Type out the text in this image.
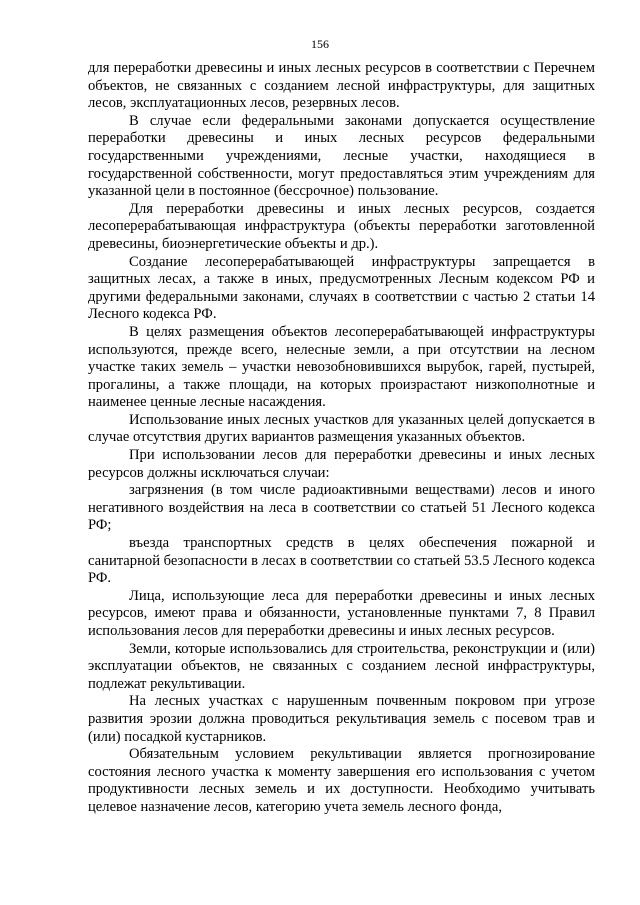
156

для переработки древесины и иных лесных ресурсов в соответствии с Перечнем объектов, не связанных с созданием лесной инфраструктуры, для защитных лесов, эксплуатационных лесов, резервных лесов.

В случае если федеральными законами допускается осуществление переработки древесины и иных лесных ресурсов федеральными государственными учреждениями, лесные участки, находящиеся в государственной собственности, могут предоставляться этим учреждениям для указанной цели в постоянное (бессрочное) пользование.

Для переработки древесины и иных лесных ресурсов, создается лесоперерабатывающая инфраструктура (объекты переработки заготовленной древесины, биоэнергетические объекты и др.).

Создание лесоперерабатывающей инфраструктуры запрещается в защитных лесах, а также в иных, предусмотренных Лесным кодексом РФ и другими федеральными законами, случаях в соответствии с частью 2 статьи 14 Лесного кодекса РФ.

В целях размещения объектов лесоперерабатывающей инфраструктуры используются, прежде всего, нелесные земли, а при отсутствии на лесном участке таких земель – участки невозобновившихся вырубок, гарей, пустырей, прогалины, а также площади, на которых произрастают низкополнотные и наименее ценные лесные насаждения.

Использование иных лесных участков для указанных целей допускается в случае отсутствия других вариантов размещения указанных объектов.

При использовании лесов для переработки древесины и иных лесных ресурсов должны исключаться случаи:

загрязнения (в том числе радиоактивными веществами) лесов и иного негативного воздействия на леса в соответствии со статьей 51 Лесного кодекса РФ;

въезда транспортных средств в целях обеспечения пожарной и санитарной безопасности в лесах в соответствии со статьей 53.5 Лесного кодекса РФ.

Лица, использующие леса для переработки древесины и иных лесных ресурсов, имеют права и обязанности, установленные пунктами 7, 8 Правил использования лесов для переработки древесины и иных лесных ресурсов.

Земли, которые использовались для строительства, реконструкции и (или) эксплуатации объектов, не связанных с созданием лесной инфраструктуры, подлежат рекультивации.

На лесных участках с нарушенным почвенным покровом при угрозе развития эрозии должна проводиться рекультивация земель с посевом трав и (или) посадкой кустарников.

Обязательным условием рекультивации является прогнозирование состояния лесного участка к моменту завершения его использования с учетом продуктивности лесных земель и их доступности. Необходимо учитывать целевое назначение лесов, категорию учета земель лесного фонда,
